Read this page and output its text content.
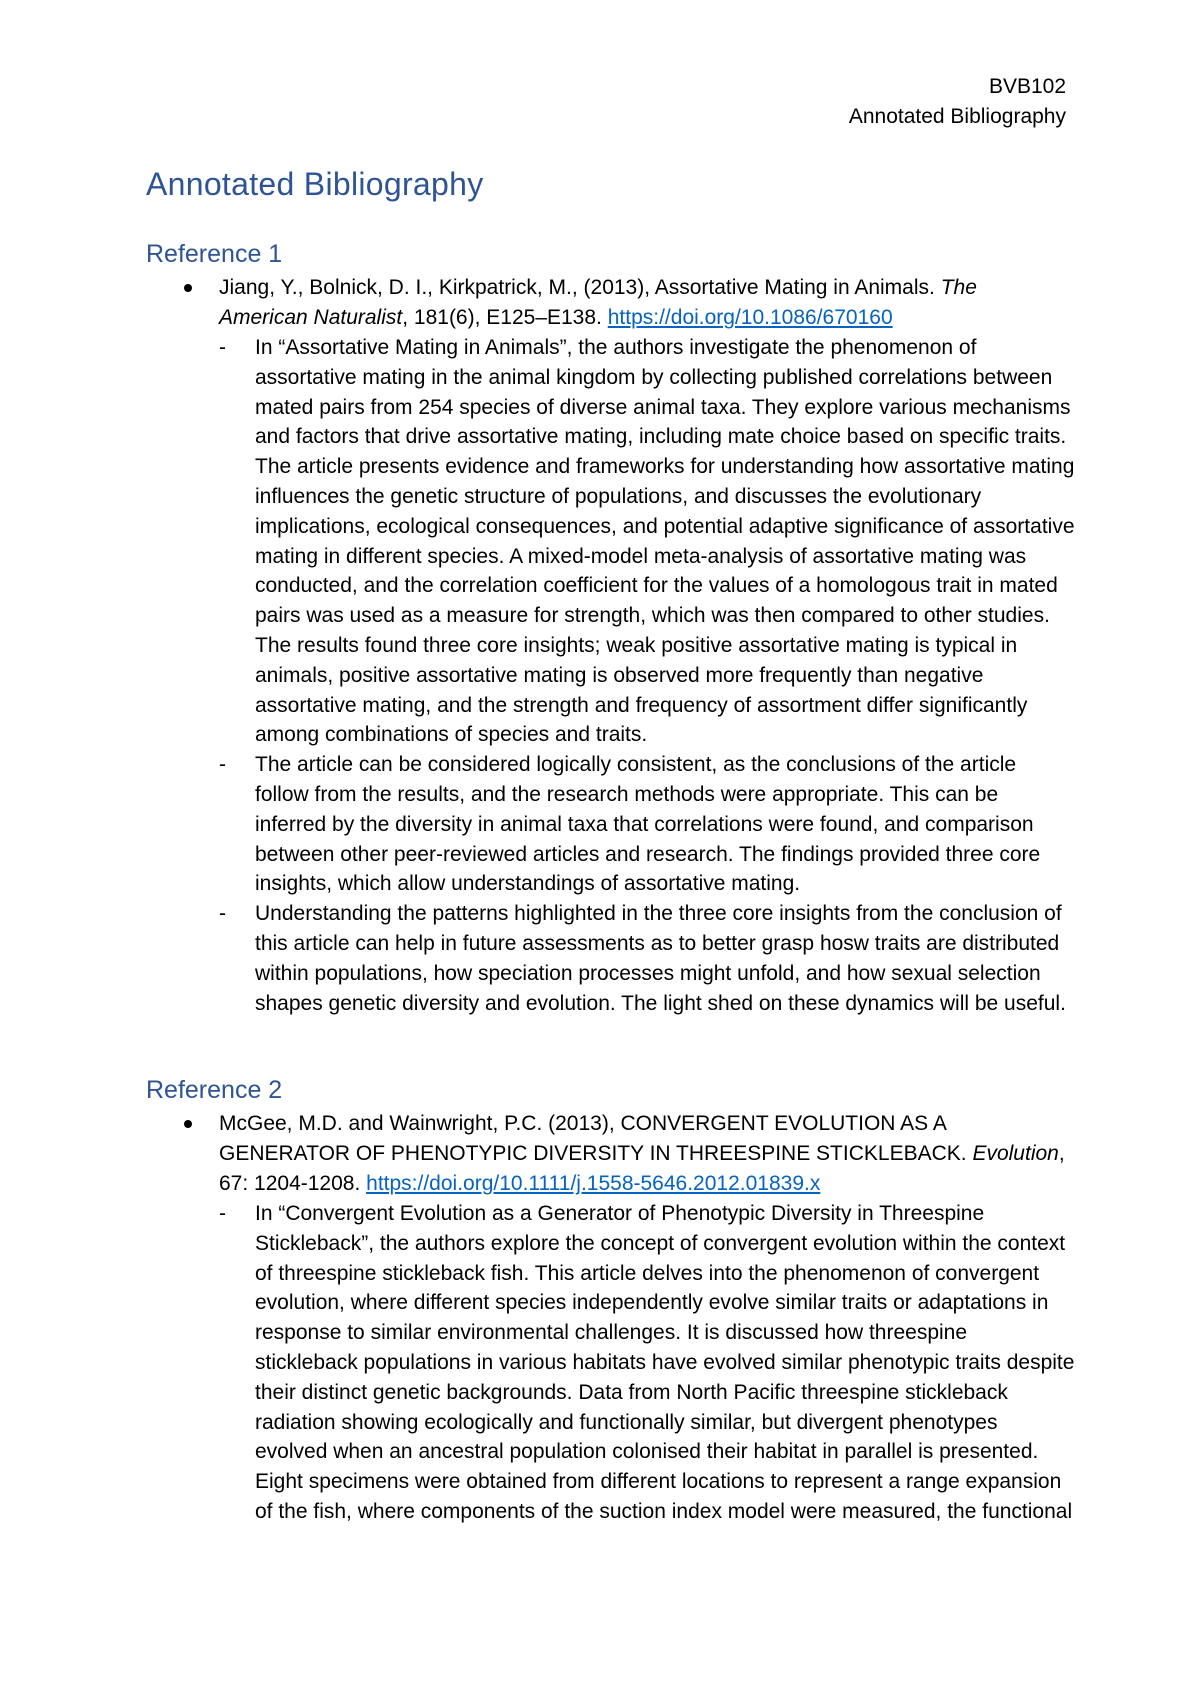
BVB102
Annotated Bibliography
Annotated Bibliography
Reference 1
Jiang, Y., Bolnick, D. I., Kirkpatrick, M., (2013), Assortative Mating in Animals. The American Naturalist, 181(6), E125–E138. https://doi.org/10.1086/670160

- In “Assortative Mating in Animals”, the authors investigate the phenomenon of assortative mating in the animal kingdom by collecting published correlations between mated pairs from 254 species of diverse animal taxa. They explore various mechanisms and factors that drive assortative mating, including mate choice based on specific traits. The article presents evidence and frameworks for understanding how assortative mating influences the genetic structure of populations, and discusses the evolutionary implications, ecological consequences, and potential adaptive significance of assortative mating in different species. A mixed-model meta-analysis of assortative mating was conducted, and the correlation coefficient for the values of a homologous trait in mated pairs was used as a measure for strength, which was then compared to other studies. The results found three core insights; weak positive assortative mating is typical in animals, positive assortative mating is observed more frequently than negative assortative mating, and the strength and frequency of assortment differ significantly among combinations of species and traits.

- The article can be considered logically consistent, as the conclusions of the article follow from the results, and the research methods were appropriate. This can be inferred by the diversity in animal taxa that correlations were found, and comparison between other peer-reviewed articles and research. The findings provided three core insights, which allow understandings of assortative mating.

- Understanding the patterns highlighted in the three core insights from the conclusion of this article can help in future assessments as to better grasp hosw traits are distributed within populations, how speciation processes might unfold, and how sexual selection shapes genetic diversity and evolution. The light shed on these dynamics will be useful.

Reference 2
McGee, M.D. and Wainwright, P.C. (2013), CONVERGENT EVOLUTION AS A GENERATOR OF PHENOTYPIC DIVERSITY IN THREESPINE STICKLEBACK. Evolution, 67: 1204-1208. https://doi.org/10.1111/j.1558-5646.2012.01839.x

- In “Convergent Evolution as a Generator of Phenotypic Diversity in Threespine Stickleback”, the authors explore the concept of convergent evolution within the context of threespine stickleback fish. This article delves into the phenomenon of convergent evolution, where different species independently evolve similar traits or adaptations in response to similar environmental challenges. It is discussed how threespine stickleback populations in various habitats have evolved similar phenotypic traits despite their distinct genetic backgrounds. Data from North Pacific threespine stickleback radiation showing ecologically and functionally similar, but divergent phenotypes evolved when an ancestral population colonised their habitat in parallel is presented. Eight specimens were obtained from different locations to represent a range expansion of the fish, where components of the suction index model were measured, the functional
